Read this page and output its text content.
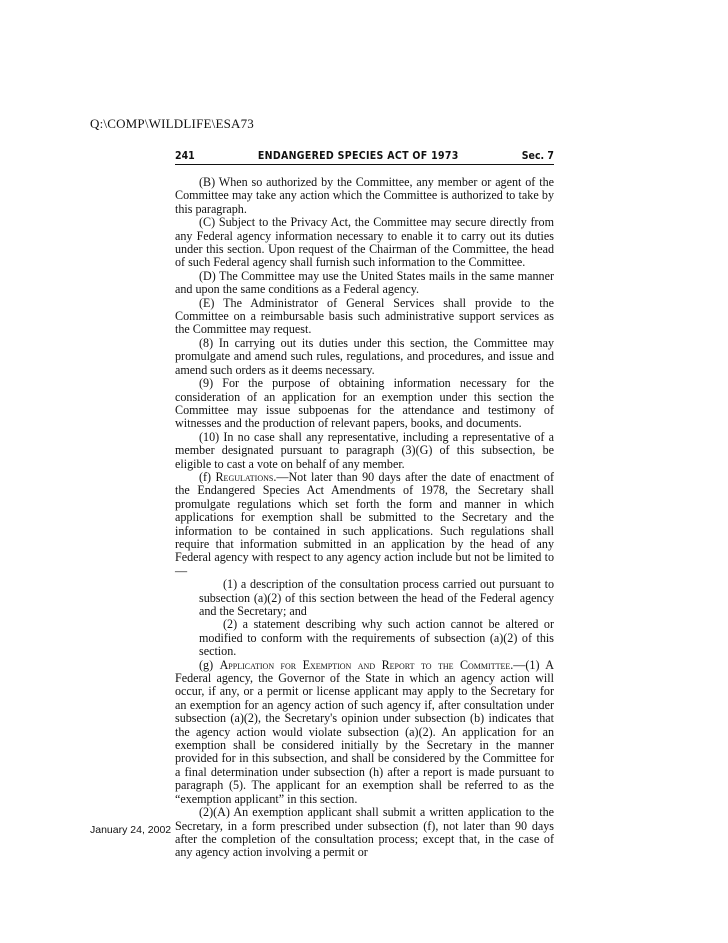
Q:\COMP\WILDLIFE\ESA73
241	ENDANGERED SPECIES ACT OF 1973	Sec. 7

(B) When so authorized by the Committee, any member or agent of the Committee may take any action which the Committee is authorized to take by this paragraph.

(C) Subject to the Privacy Act, the Committee may secure directly from any Federal agency information necessary to enable it to carry out its duties under this section. Upon request of the Chairman of the Committee, the head of such Federal agency shall furnish such information to the Committee.

(D) The Committee may use the United States mails in the same manner and upon the same conditions as a Federal agency.

(E) The Administrator of General Services shall provide to the Committee on a reimbursable basis such administrative support services as the Committee may request.

(8) In carrying out its duties under this section, the Committee may promulgate and amend such rules, regulations, and procedures, and issue and amend such orders as it deems necessary.

(9) For the purpose of obtaining information necessary for the consideration of an application for an exemption under this section the Committee may issue subpoenas for the attendance and testimony of witnesses and the production of relevant papers, books, and documents.

(10) In no case shall any representative, including a representative of a member designated pursuant to paragraph (3)(G) of this subsection, be eligible to cast a vote on behalf of any member.

(f) Regulations.—Not later than 90 days after the date of enactment of the Endangered Species Act Amendments of 1978, the Secretary shall promulgate regulations which set forth the form and manner in which applications for exemption shall be submitted to the Secretary and the information to be contained in such applications. Such regulations shall require that information submitted in an application by the head of any Federal agency with respect to any agency action include but not be limited to—

(1) a description of the consultation process carried out pursuant to subsection (a)(2) of this section between the head of the Federal agency and the Secretary; and

(2) a statement describing why such action cannot be altered or modified to conform with the requirements of subsection (a)(2) of this section.

(g) Application for Exemption and Report to the Committee.—(1) A Federal agency, the Governor of the State in which an agency action will occur, if any, or a permit or license applicant may apply to the Secretary for an exemption for an agency action of such agency if, after consultation under subsection (a)(2), the Secretary's opinion under subsection (b) indicates that the agency action would violate subsection (a)(2). An application for an exemption shall be considered initially by the Secretary in the manner provided for in this subsection, and shall be considered by the Committee for a final determination under subsection (h) after a report is made pursuant to paragraph (5). The applicant for an exemption shall be referred to as the “exemption applicant” in this section.

(2)(A) An exemption applicant shall submit a written application to the Secretary, in a form prescribed under subsection (f), not later than 90 days after the completion of the consultation process; except that, in the case of any agency action involving a permit or

January 24, 2002
